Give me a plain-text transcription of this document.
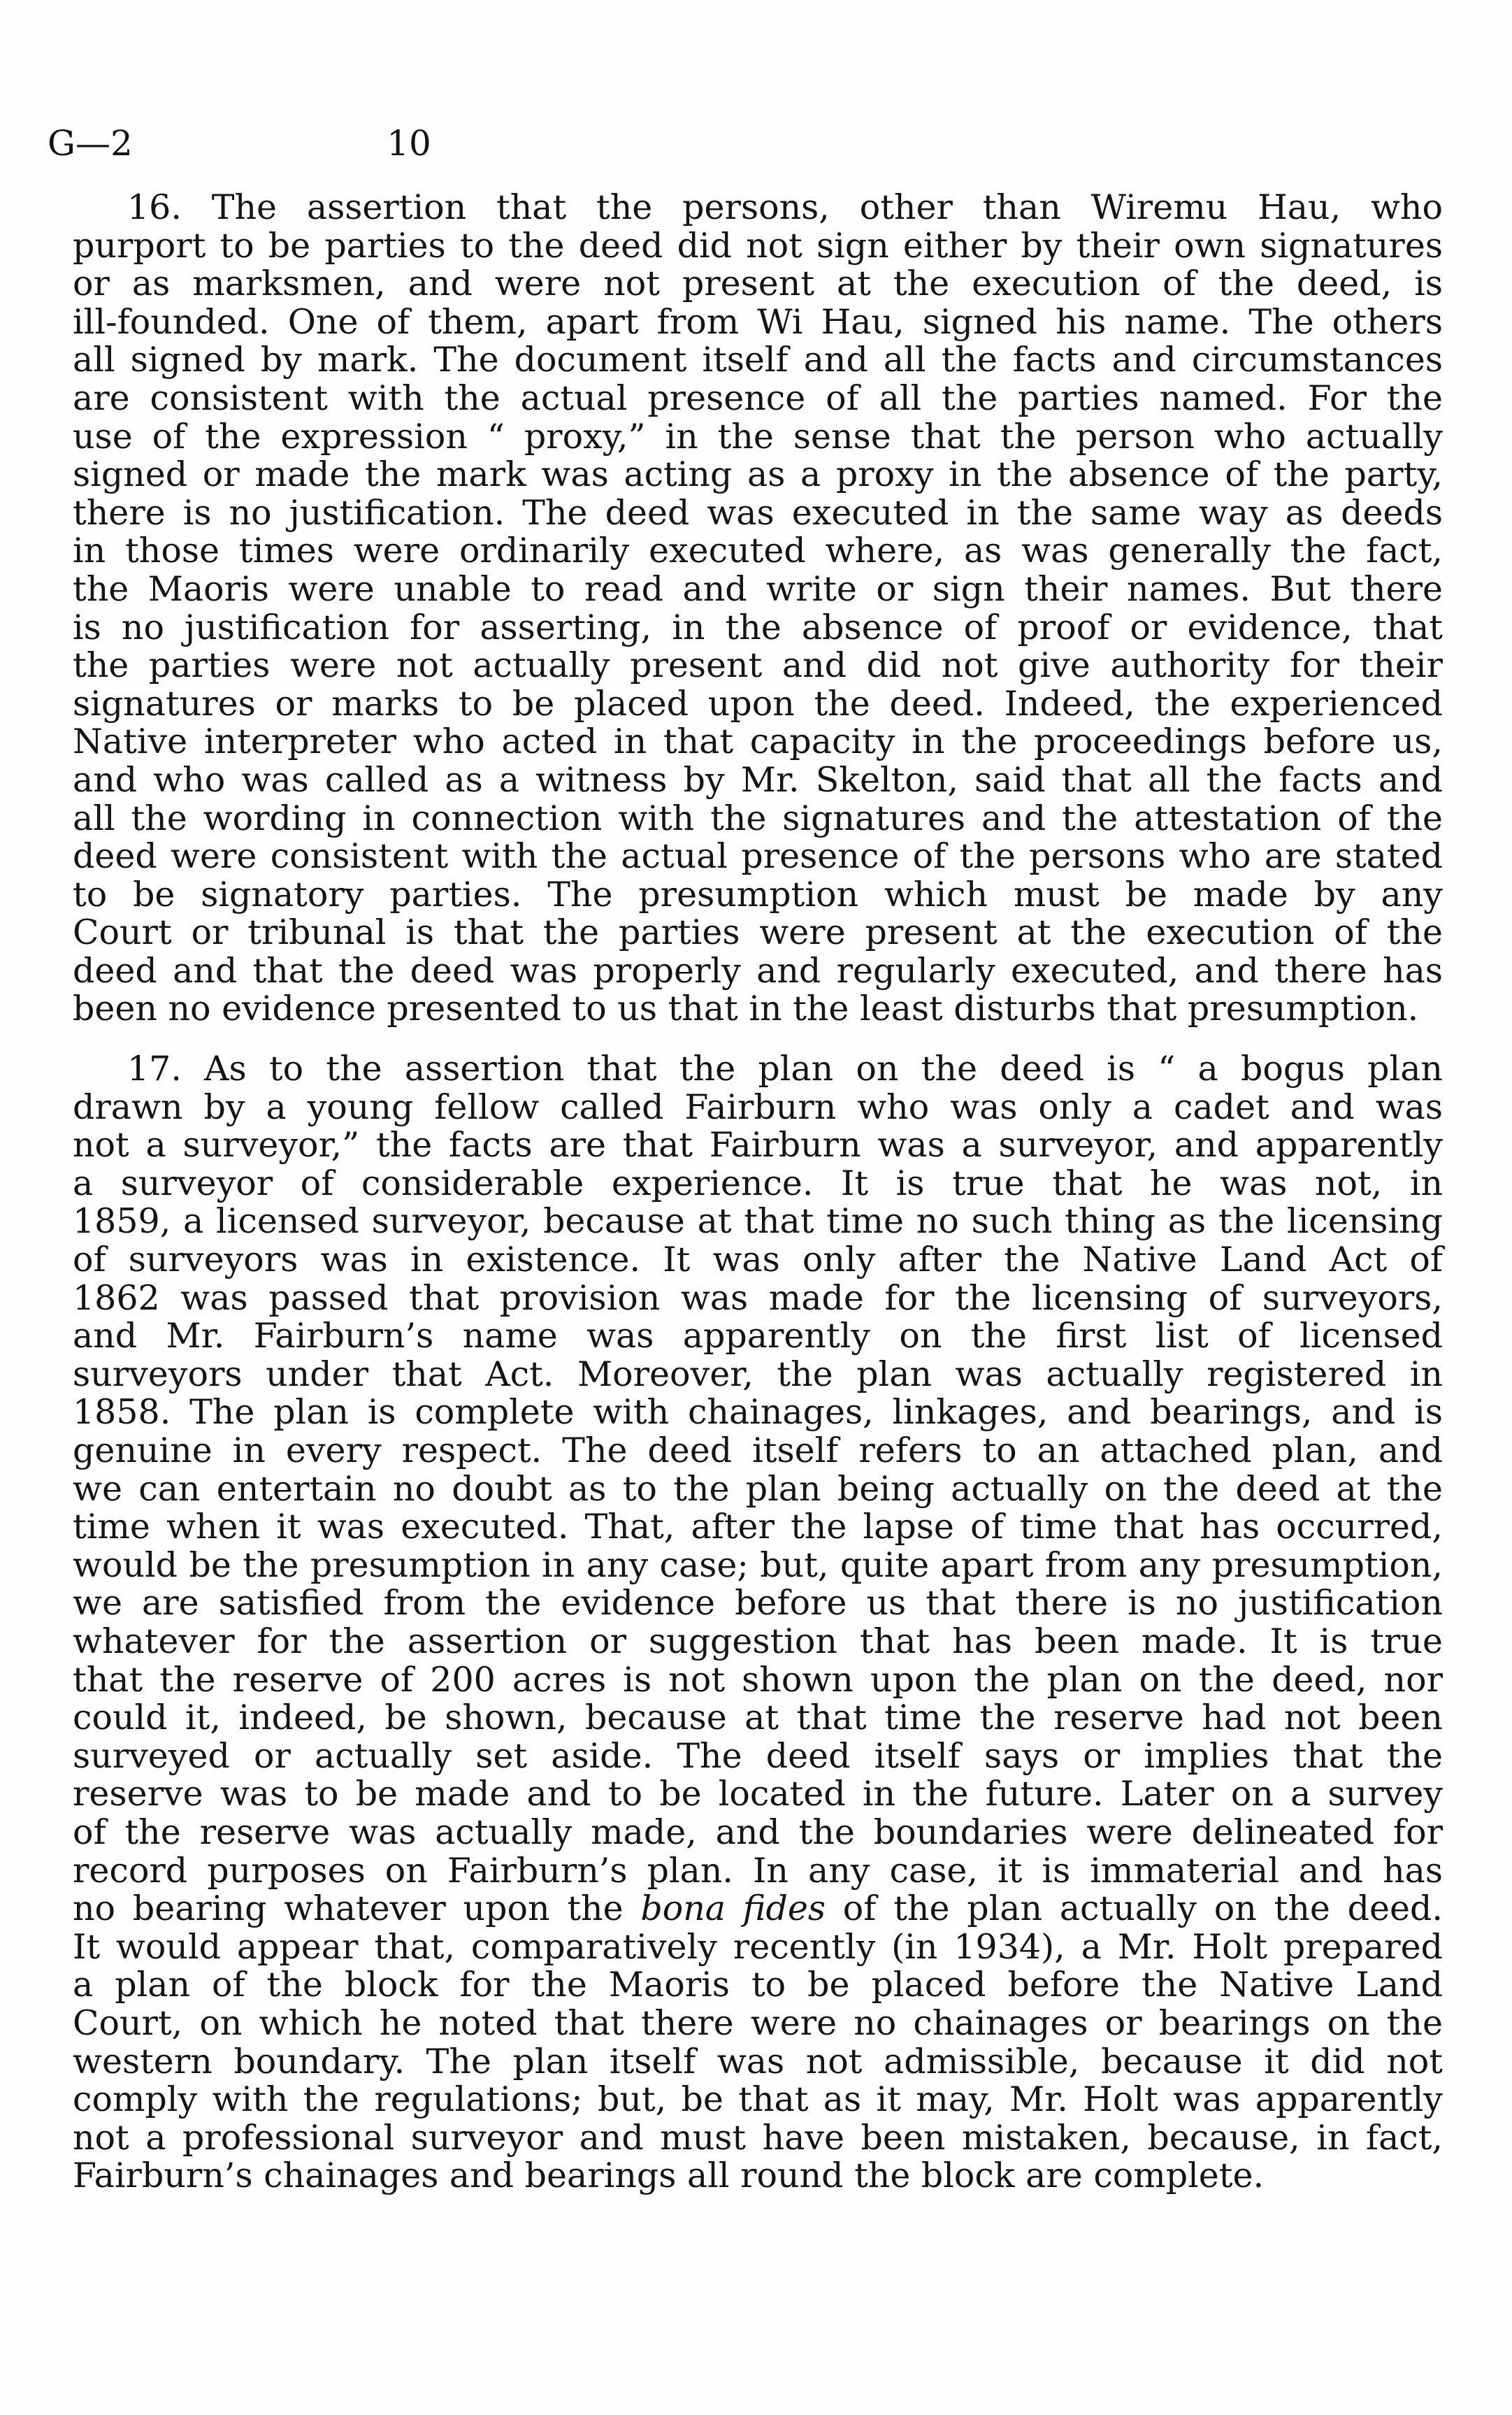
G—2	10

16. The assertion that the persons, other than Wiremu Hau, who
purport to be parties to the deed did not sign either by their own signatures
or as marksmen, and were not present at the execution of the deed, is
ill-founded. One of them, apart from Wi Hau, signed his name. The others
all signed by mark. The document itself and all the facts and circumstances
are consistent with the actual presence of all the parties named. For the
use of the expression “ proxy,” in the sense that the person who actually
signed or made the mark was acting as a proxy in the absence of the party,
there is no justification. The deed was executed in the same way as deeds
in those times were ordinarily executed where, as was generally the fact,
the Maoris were unable to read and write or sign their names. But there
is no justification for asserting, in the absence of proof or evidence, that
the parties were not actually present and did not give authority for their
signatures or marks to be placed upon the deed. Indeed, the experienced
Native interpreter who acted in that capacity in the proceedings before us,
and who was called as a witness by Mr. Skelton, said that all the facts and
all the wording in connection with the signatures and the attestation of the
deed were consistent with the actual presence of the persons who are stated
to be signatory parties. The presumption which must be made by any
Court or tribunal is that the parties were present at the execution of the
deed and that the deed was properly and regularly executed, and there has
been no evidence presented to us that in the least disturbs that presumption.

17. As to the assertion that the plan on the deed is “ a bogus plan
drawn by a young fellow called Fairburn who was only a cadet and was
not a surveyor,” the facts are that Fairburn was a surveyor, and apparently
a surveyor of considerable experience. It is true that he was not, in
1859, a licensed surveyor, because at that time no such thing as the licensing
of surveyors was in existence. It was only after the Native Land Act of
1862 was passed that provision was made for the licensing of surveyors,
and Mr. Fairburn’s name was apparently on the first list of licensed
surveyors under that Act. Moreover, the plan was actually registered in
1858. The plan is complete with chainages, linkages, and bearings, and is
genuine in every respect. The deed itself refers to an attached plan, and
we can entertain no doubt as to the plan being actually on the deed at the
time when it was executed. That, after the lapse of time that has occurred,
would be the presumption in any case; but, quite apart from any presumption,
we are satisfied from the evidence before us that there is no justification
whatever for the assertion or suggestion that has been made. It is true
that the reserve of 200 acres is not shown upon the plan on the deed, nor
could it, indeed, be shown, because at that time the reserve had not been
surveyed or actually set aside. The deed itself says or implies that the
reserve was to be made and to be located in the future. Later on a survey
of the reserve was actually made, and the boundaries were delineated for
record purposes on Fairburn’s plan. In any case, it is immaterial and has
no bearing whatever upon the bona fides of the plan actually on the deed.
It would appear that, comparatively recently (in 1934), a Mr. Holt prepared
a plan of the block for the Maoris to be placed before the Native Land
Court, on which he noted that there were no chainages or bearings on the
western boundary. The plan itself was not admissible, because it did not
comply with the regulations; but, be that as it may, Mr. Holt was apparently
not a professional surveyor and must have been mistaken, because, in fact,
Fairburn’s chainages and bearings all round the block are complete.
